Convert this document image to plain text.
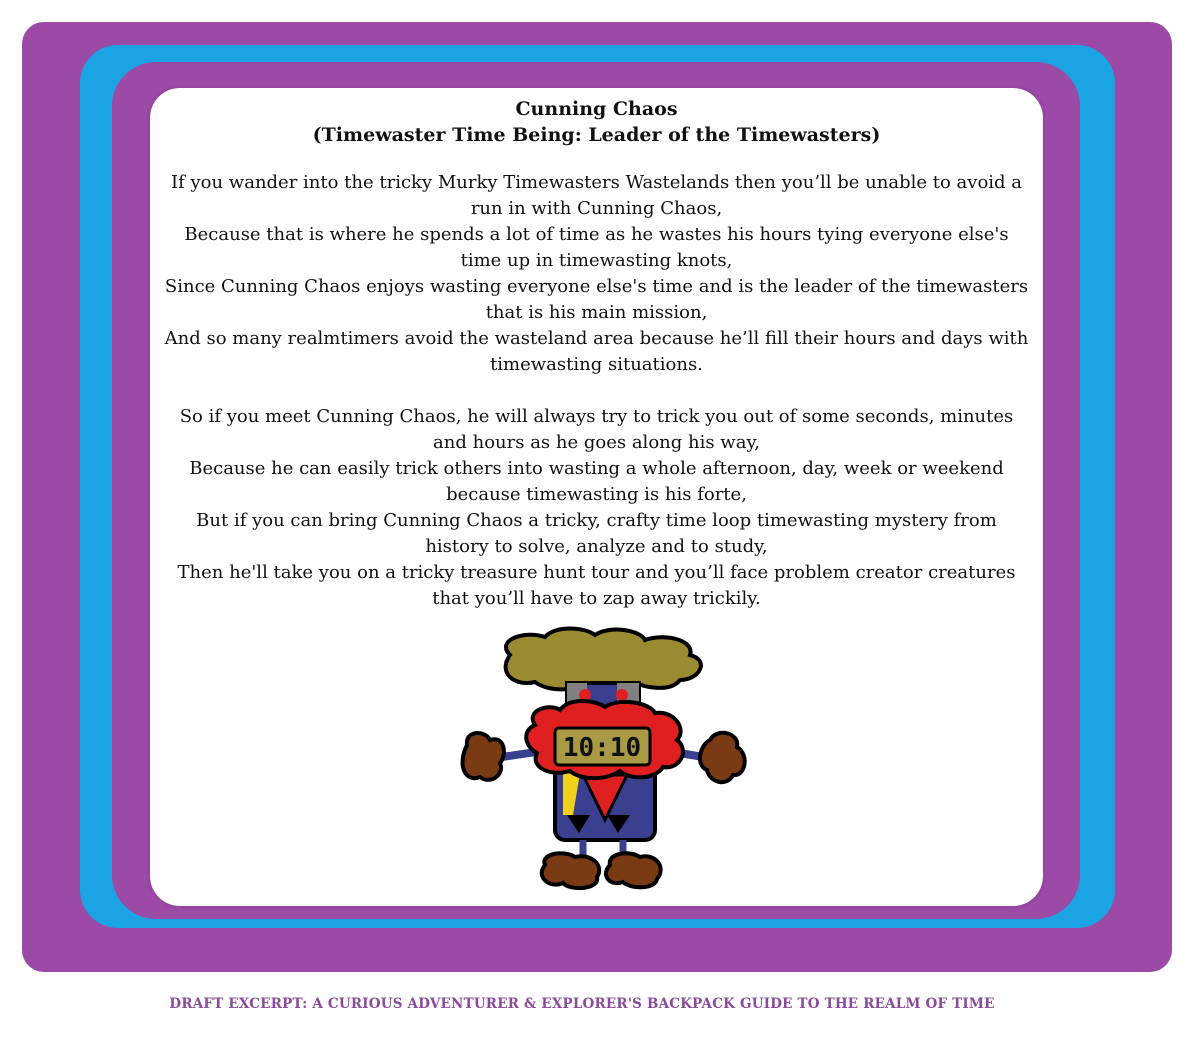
Cunning Chaos
(Timewaster Time Being: Leader of the Timewasters)

If you wander into the tricky Murky Timewasters Wastelands then you’ll be unable to avoid a run in with Cunning Chaos,

Because that is where he spends a lot of time as he wastes his hours tying everyone else's time up in timewasting knots,

Since Cunning Chaos enjoys wasting everyone else's time and is the leader of the timewasters that is his main mission,

And so many realmtimers avoid the wasteland area because he’ll fill their hours and days with timewasting situations.

So if you meet Cunning Chaos, he will always try to trick you out of some seconds, minutes and hours as he goes along his way,

Because he can easily trick others into wasting a whole afternoon, day, week or weekend because timewasting is his forte,

But if you can bring Cunning Chaos a tricky, crafty time loop timewasting mystery from history to solve, analyze and to study,

Then he'll take you on a tricky treasure hunt tour and you’ll face problem creator creatures that you’ll have to zap away trickily.

10:10
DRAFT EXCERPT: A CURIOUS ADVENTURER & EXPLORER'S BACKPACK GUIDE TO THE REALM OF TIME
